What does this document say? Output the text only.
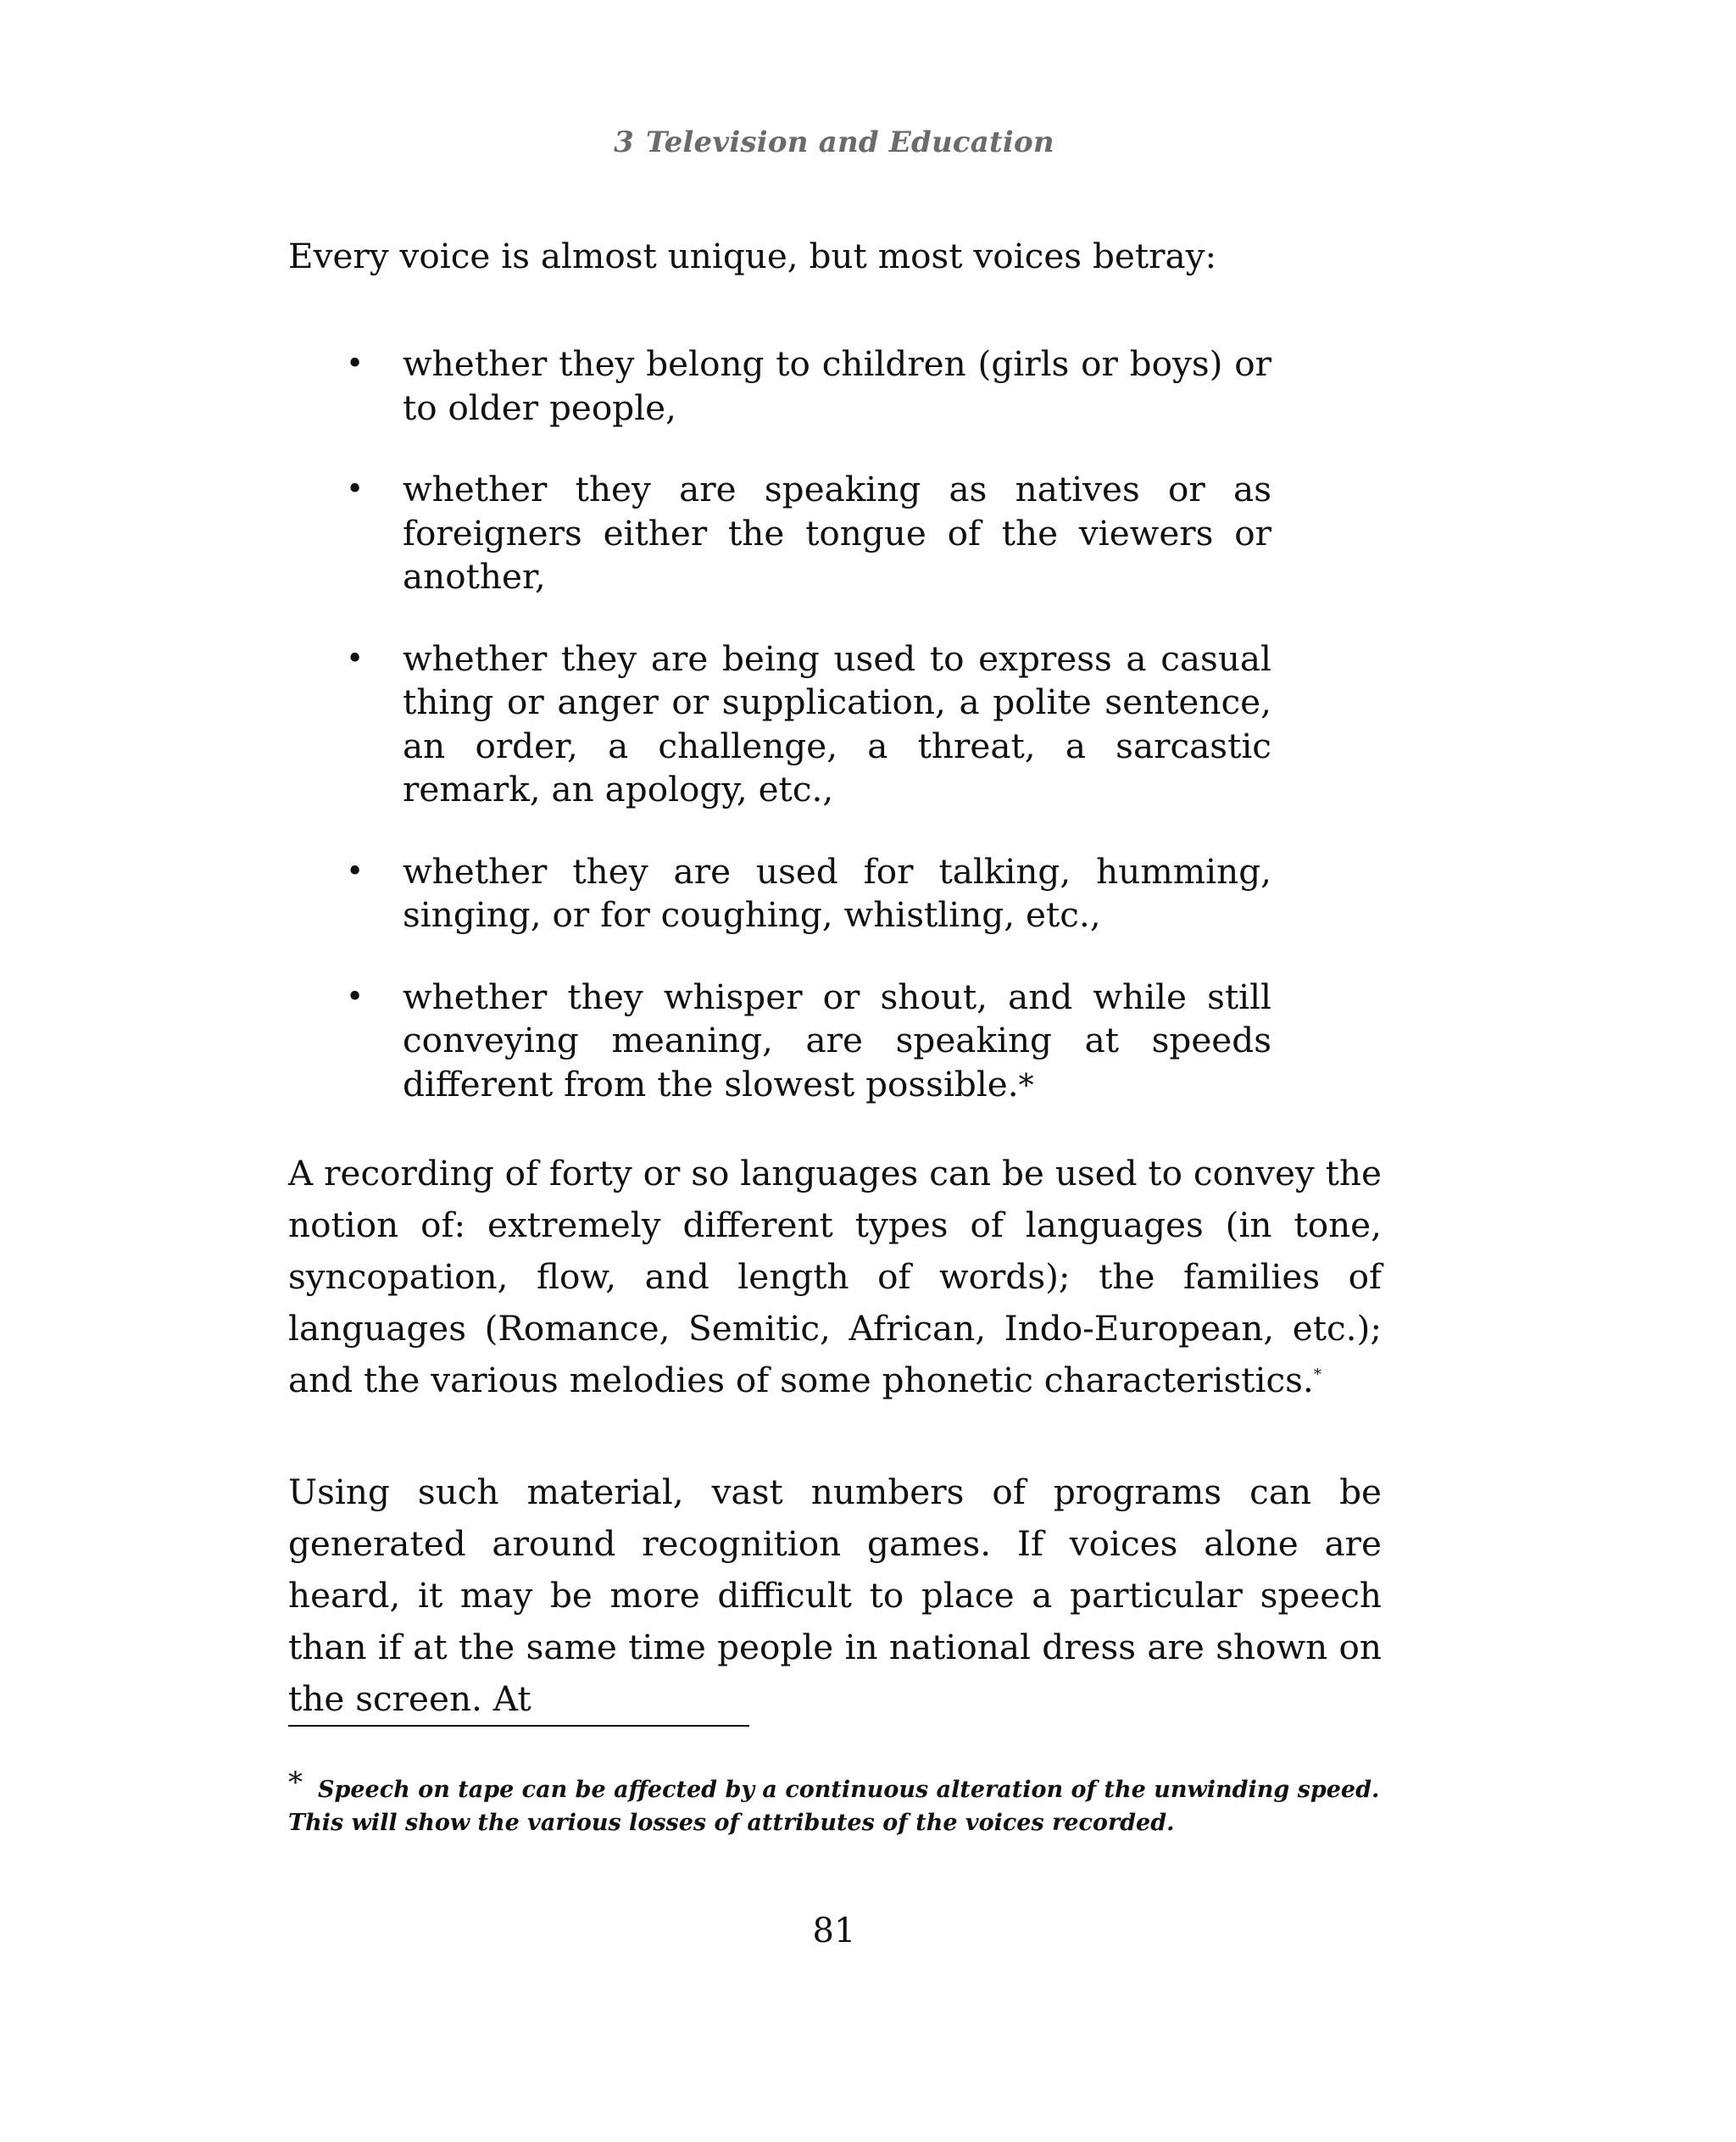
3 Television and Education

Every voice is almost unique, but most voices betray:

• whether they belong to children (girls or boys) or to older people,
• whether they are speaking as natives or as foreigners either the tongue of the viewers or another,
• whether they are being used to express a casual thing or anger or supplication, a polite sentence, an order, a challenge, a threat, a sarcastic remark, an apology, etc.,
• whether they are used for talking, humming, singing, or for coughing, whistling, etc.,
• whether they whisper or shout, and while still conveying meaning, are speaking at speeds different from the slowest possible.*

A recording of forty or so languages can be used to convey the notion of: extremely different types of languages (in tone, syncopation, flow, and length of words); the families of languages (Romance, Semitic, African, Indo-European, etc.); and the various melodies of some phonetic characteristics.*

Using such material, vast numbers of programs can be generated around recognition games. If voices alone are heard, it may be more difficult to place a particular speech than if at the same time people in national dress are shown on the screen. At

* Speech on tape can be affected by a continuous alteration of the unwinding speed. This will show the various losses of attributes of the voices recorded.

81
